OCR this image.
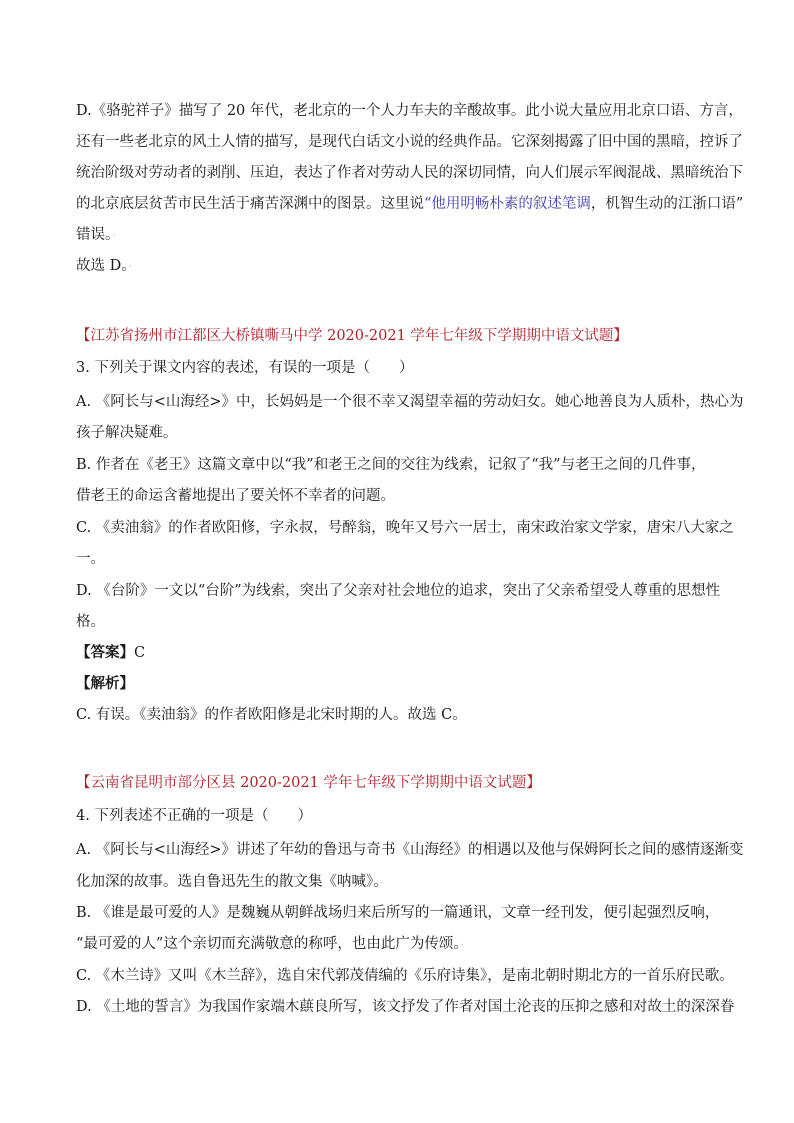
D.《骆驼祥子》描写了 20 年代，老北京的一个人力车夫的辛酸故事。此小说大量应用北京口语、方言，
还有一些老北京的风土人情的描写，是现代白话文小说的经典作品。它深刻揭露了旧中国的黑暗，控诉了
统治阶级对劳动者的剥削、压迫，表达了作者对劳动人民的深切同情，向人们展示军阀混战、黑暗统治下
的北京底层贫苦市民生活于痛苦深渊中的图景。这里说“他用明畅朴素的叙述笔调，机智生动的江浙口语”
错误。·
故选 D。·
【江苏省扬州市江都区大桥镇嘶马中学 2020-2021 学年七年级下学期期中语文试题】
3. 下列关于课文内容的表述，有误的一项是（　　）
A. 《阿长与<山海经>》中，长妈妈是一个很不幸又渴望幸福的劳动妇女。她心地善良为人质朴，热心为
孩子解决疑难。
B. 作者在《老王》这篇文章中以“我”和老王之间的交往为线索，记叙了“我”与老王之间的几件事，
借老王的命运含蓄地提出了要关怀不幸者的问题。
C. 《卖油翁》的作者欧阳修，字永叔，号醉翁，晚年又号六一居士，南宋政治家文学家，唐宋八大家之
一。
D. 《台阶》一文以“台阶”为线索，突出了父亲对社会地位的追求，突出了父亲希望受人尊重的思想性
格。
【答案】C
【解析】
C. 有误。《卖油翁》的作者欧阳修是北宋时期的人。故选 C。
【云南省昆明市部分区县 2020-2021 学年七年级下学期期中语文试题】
4. 下列表述不正确的一项是（　　）
A. 《阿长与<山海经>》讲述了年幼的鲁迅与奇书《山海经》的相遇以及他与保姆阿长之间的感情逐渐变
化加深的故事。选自鲁迅先生的散文集《呐喊》。·
B. 《谁是最可爱的人》是魏巍从朝鲜战场归来后所写的一篇通讯，文章一经刊发，便引起强烈反响，
“最可爱的人”这个亲切而充满敬意的称呼，也由此广为传颂。·
C. 《木兰诗》又叫《木兰辞》，选自宋代郭茂倩编的《乐府诗集》，是南北朝时期北方的一首乐府民歌。
D. 《土地的誓言》为我国作家端木蕻良所写，该文抒发了作者对国土沦丧的压抑之感和对故土的深深眷
